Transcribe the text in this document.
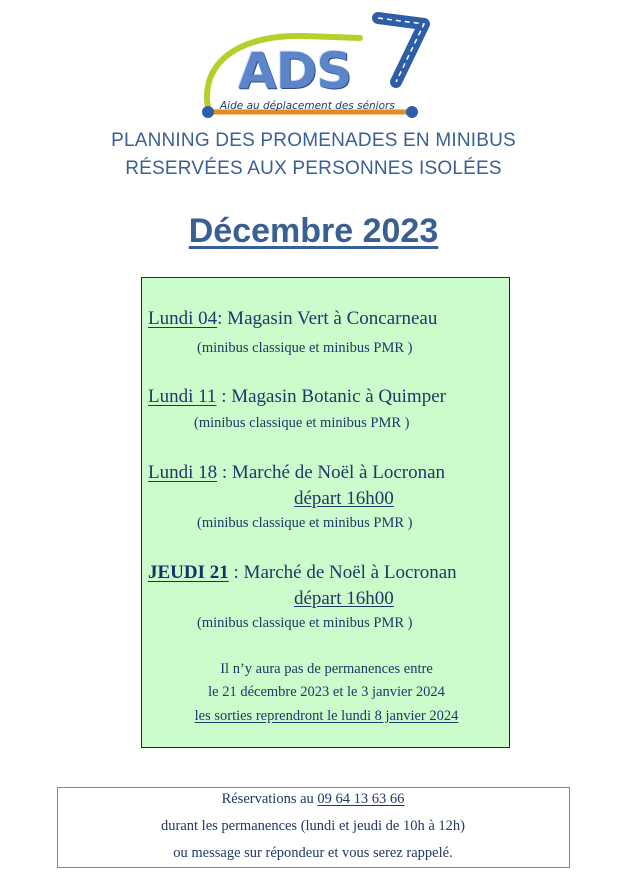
ADS
Aide au déplacement des séniors
PLANNING DES PROMENADES EN MINIBUS
RÉSERVÉES AUX PERSONNES ISOLÉES
Décembre 2023
Lundi 04: Magasin Vert à Concarneau
(minibus classique et minibus PMR )
Lundi 11 : Magasin Botanic à Quimper
(minibus classique et minibus PMR )
Lundi 18 : Marché de Noël à Locronan
départ 16h00
(minibus classique et minibus PMR )
JEUDI 21 : Marché de Noël à Locronan
départ 16h00
(minibus classique et minibus PMR )
Il n’y aura pas de permanences entre
le 21 décembre 2023 et le 3 janvier 2024
les sorties reprendront le lundi 8 janvier 2024
Réservations au 09 64 13 63 66
durant les permanences (lundi et jeudi de 10h à 12h)
ou message sur répondeur et vous serez rappelé.
